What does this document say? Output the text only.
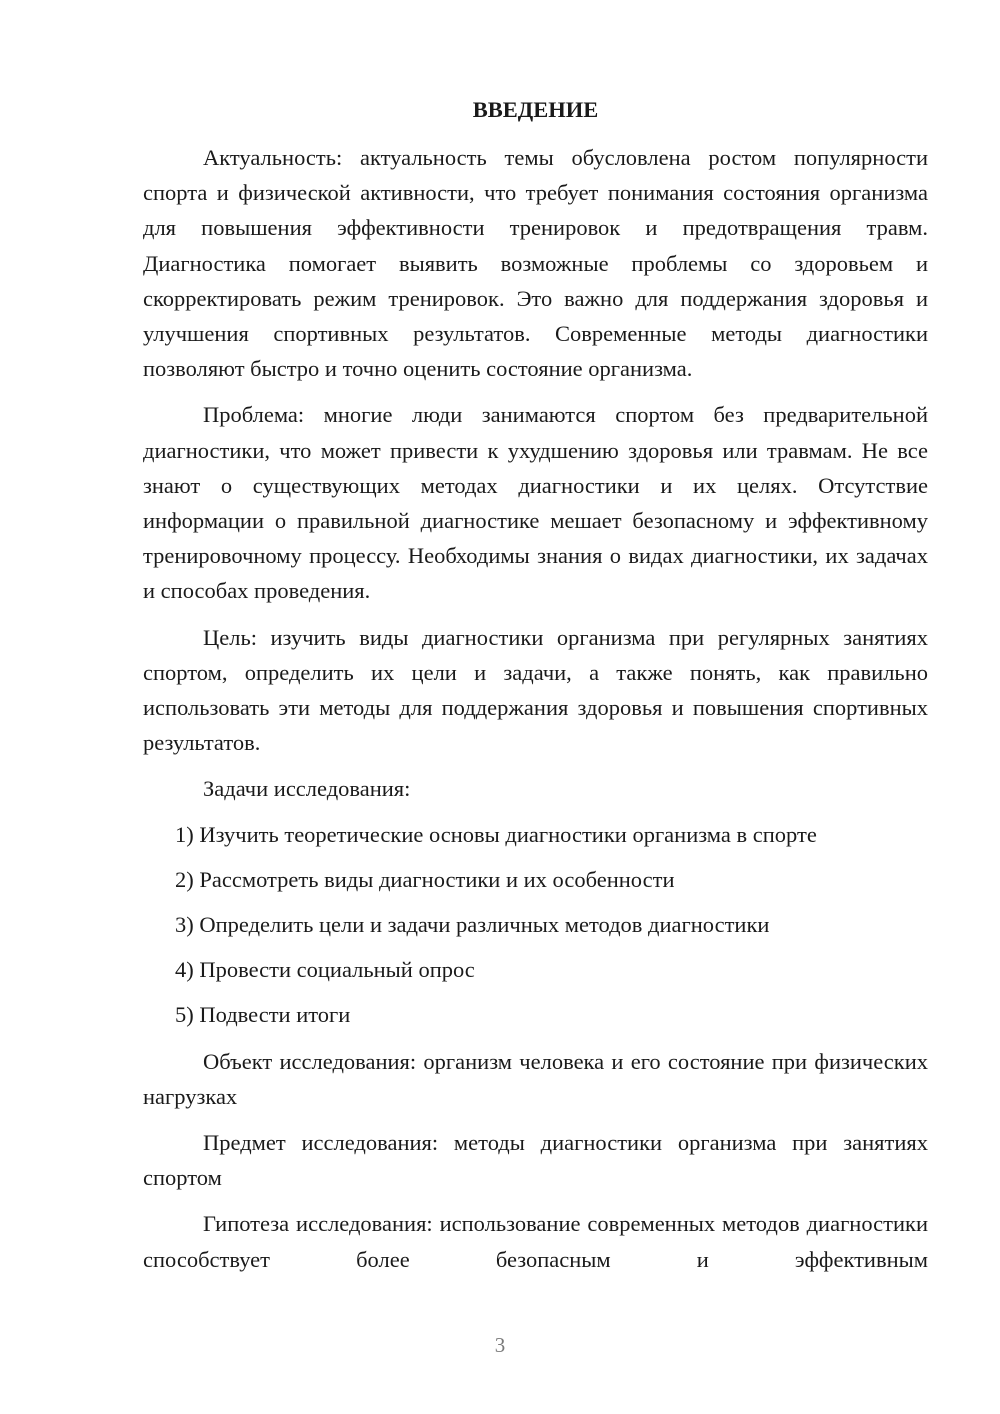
ВВЕДЕНИЕ
Актуальность: актуальность темы обусловлена ростом популярности спорта и физической активности, что требует понимания состояния организма для повышения эффективности тренировок и предотвращения травм. Диагностика помогает выявить возможные проблемы со здоровьем и скорректировать режим тренировок. Это важно для поддержания здоровья и улучшения спортивных результатов. Современные методы диагностики позволяют быстро и точно оценить состояние организма.
Проблема: многие люди занимаются спортом без предварительной диагностики, что может привести к ухудшению здоровья или травмам. Не все знают о существующих методах диагностики и их целях. Отсутствие информации о правильной диагностике мешает безопасному и эффективному тренировочному процессу. Необходимы знания о видах диагностики, их задачах и способах проведения.
Цель: изучить виды диагностики организма при регулярных занятиях спортом, определить их цели и задачи, а также понять, как правильно использовать эти методы для поддержания здоровья и повышения спортивных результатов.
Задачи исследования:
1) Изучить теоретические основы диагностики организма в спорте
2) Рассмотреть виды диагностики и их особенности
3) Определить цели и задачи различных методов диагностики
4) Провести социальный опрос
5) Подвести итоги
Объект исследования: организм человека и его состояние при физических нагрузках
Предмет исследования: методы диагностики организма при занятиях спортом
Гипотеза исследования: использование современных методов диагностики способствует более безопасным и эффективным
3
